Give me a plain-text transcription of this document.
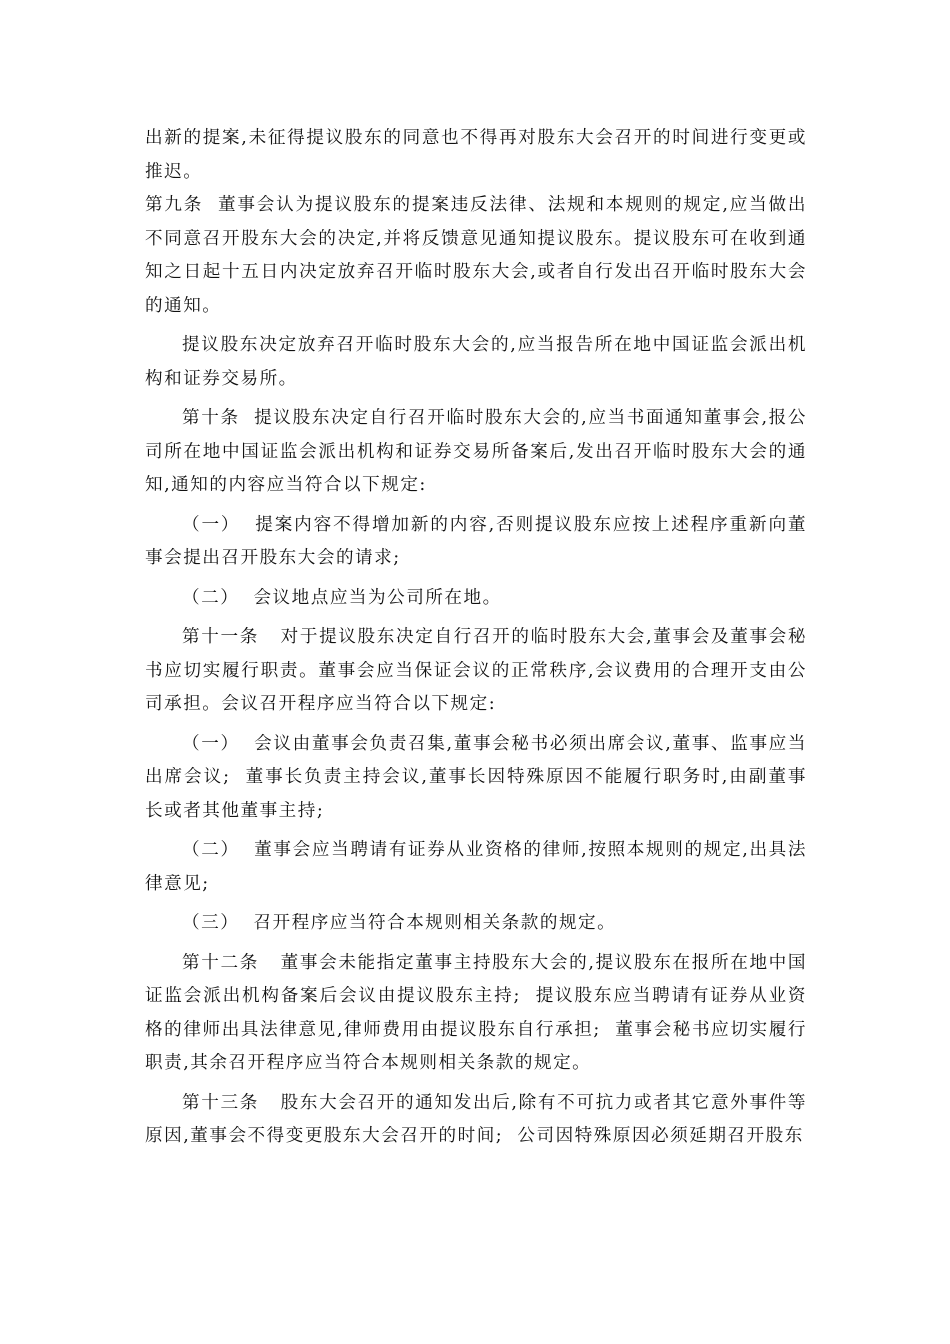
出新的提案,未征得提议股东的同意也不得再对股东大会召开的时间进行变更或推迟。

第九条  董事会认为提议股东的提案违反法律、法规和本规则的规定,应当做出不同意召开股东大会的决定,并将反馈意见通知提议股东。提议股东可在收到通知之日起十五日内决定放弃召开临时股东大会,或者自行发出召开临时股东大会的通知。

提议股东决定放弃召开临时股东大会的,应当报告所在地中国证监会派出机构和证券交易所。

第十条  提议股东决定自行召开临时股东大会的,应当书面通知董事会,报公司所在地中国证监会派出机构和证券交易所备案后,发出召开临时股东大会的通知,通知的内容应当符合以下规定:

（一）  提案内容不得增加新的内容,否则提议股东应按上述程序重新向董事会提出召开股东大会的请求;

（二）  会议地点应当为公司所在地。

第十一条   对于提议股东决定自行召开的临时股东大会,董事会及董事会秘书应切实履行职责。董事会应当保证会议的正常秩序,会议费用的合理开支由公司承担。会议召开程序应当符合以下规定:

（一）  会议由董事会负责召集,董事会秘书必须出席会议,董事、监事应当出席会议;  董事长负责主持会议,董事长因特殊原因不能履行职务时,由副董事长或者其他董事主持;

（二）  董事会应当聘请有证券从业资格的律师,按照本规则的规定,出具法律意见;

（三）  召开程序应当符合本规则相关条款的规定。

第十二条   董事会未能指定董事主持股东大会的,提议股东在报所在地中国证监会派出机构备案后会议由提议股东主持;  提议股东应当聘请有证券从业资格的律师出具法律意见,律师费用由提议股东自行承担;  董事会秘书应切实履行职责,其余召开程序应当符合本规则相关条款的规定。

第十三条   股东大会召开的通知发出后,除有不可抗力或者其它意外事件等原因,董事会不得变更股东大会召开的时间;  公司因特殊原因必须延期召开股东
